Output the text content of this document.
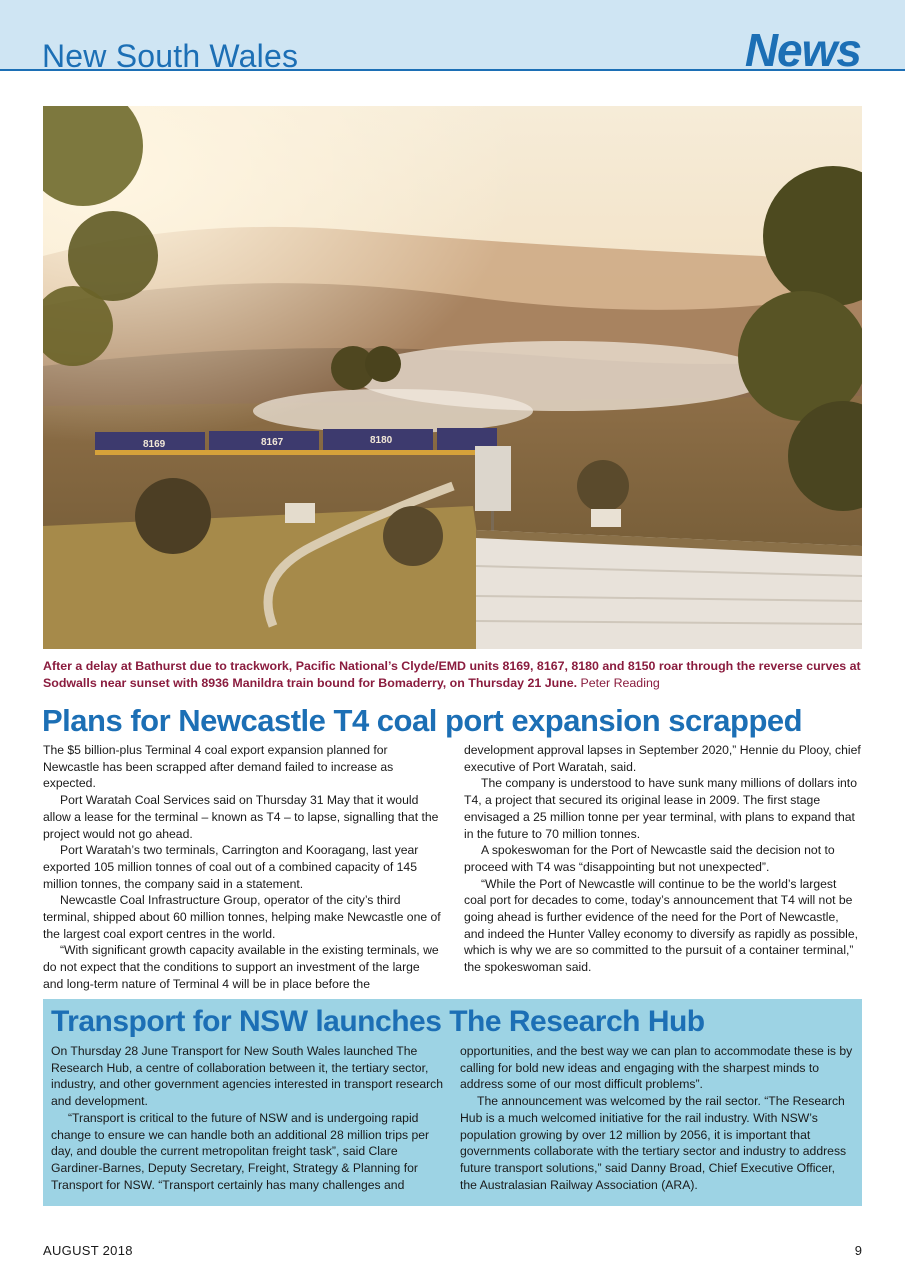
New South Wales	News
8169	8167	8180
After a delay at Bathurst due to trackwork, Pacific National’s Clyde/EMD units 8169, 8167, 8180 and 8150 roar through the reverse curves at Sodwalls near sunset with 8936 Manildra train bound for Bomaderry, on Thursday 21 June. Peter Reading
Plans for Newcastle T4 coal port expansion scrapped

The $5 billion-plus Terminal 4 coal export expansion planned for Newcastle has been scrapped after demand failed to increase as expected.

Port Waratah Coal Services said on Thursday 31 May that it would allow a lease for the terminal – known as T4 – to lapse, signalling that the project would not go ahead.

Port Waratah’s two terminals, Carrington and Kooragang, last year exported 105 million tonnes of coal out of a combined capacity of 145 million tonnes, the company said in a statement.

Newcastle Coal Infrastructure Group, operator of the city’s third terminal, shipped about 60 million tonnes, helping make Newcastle one of the largest coal export centres in the world.

“With significant growth capacity available in the existing terminals, we do not expect that the conditions to support an investment of the large and long-term nature of Terminal 4 will be in place before the

development approval lapses in September 2020,” Hennie du Plooy, chief executive of Port Waratah, said.

The company is understood to have sunk many millions of dollars into T4, a project that secured its original lease in 2009. The first stage envisaged a 25 million tonne per year terminal, with plans to expand that in the future to 70 million tonnes.

A spokeswoman for the Port of Newcastle said the decision not to proceed with T4 was “disappointing but not unexpected”.

“While the Port of Newcastle will continue to be the world’s largest coal port for decades to come, today’s announcement that T4 will not be going ahead is further evidence of the need for the Port of Newcastle, and indeed the Hunter Valley economy to diversify as rapidly as possible, which is why we are so committed to the pursuit of a container terminal,” the spokeswoman said.

Transport for NSW launches The Research Hub

On Thursday 28 June Transport for New South Wales launched The Research Hub, a centre of collaboration between it, the tertiary sector, industry, and other government agencies interested in transport research and development.

“Transport is critical to the future of NSW and is undergoing rapid change to ensure we can handle both an additional 28 million trips per day, and double the current metropolitan freight task”, said Clare Gardiner-Barnes, Deputy Secretary, Freight, Strategy & Planning for Transport for NSW. “Transport certainly has many challenges and

opportunities, and the best way we can plan to accommodate these is by calling for bold new ideas and engaging with the sharpest minds to address some of our most difficult problems”.

The announcement was welcomed by the rail sector. “The Research Hub is a much welcomed initiative for the rail industry. With NSW’s population growing by over 12 million by 2056, it is important that governments collaborate with the tertiary sector and industry to address future transport solutions,” said Danny Broad, Chief Executive Officer, the Australasian Railway Association (ARA).

AUGUST 2018	9
